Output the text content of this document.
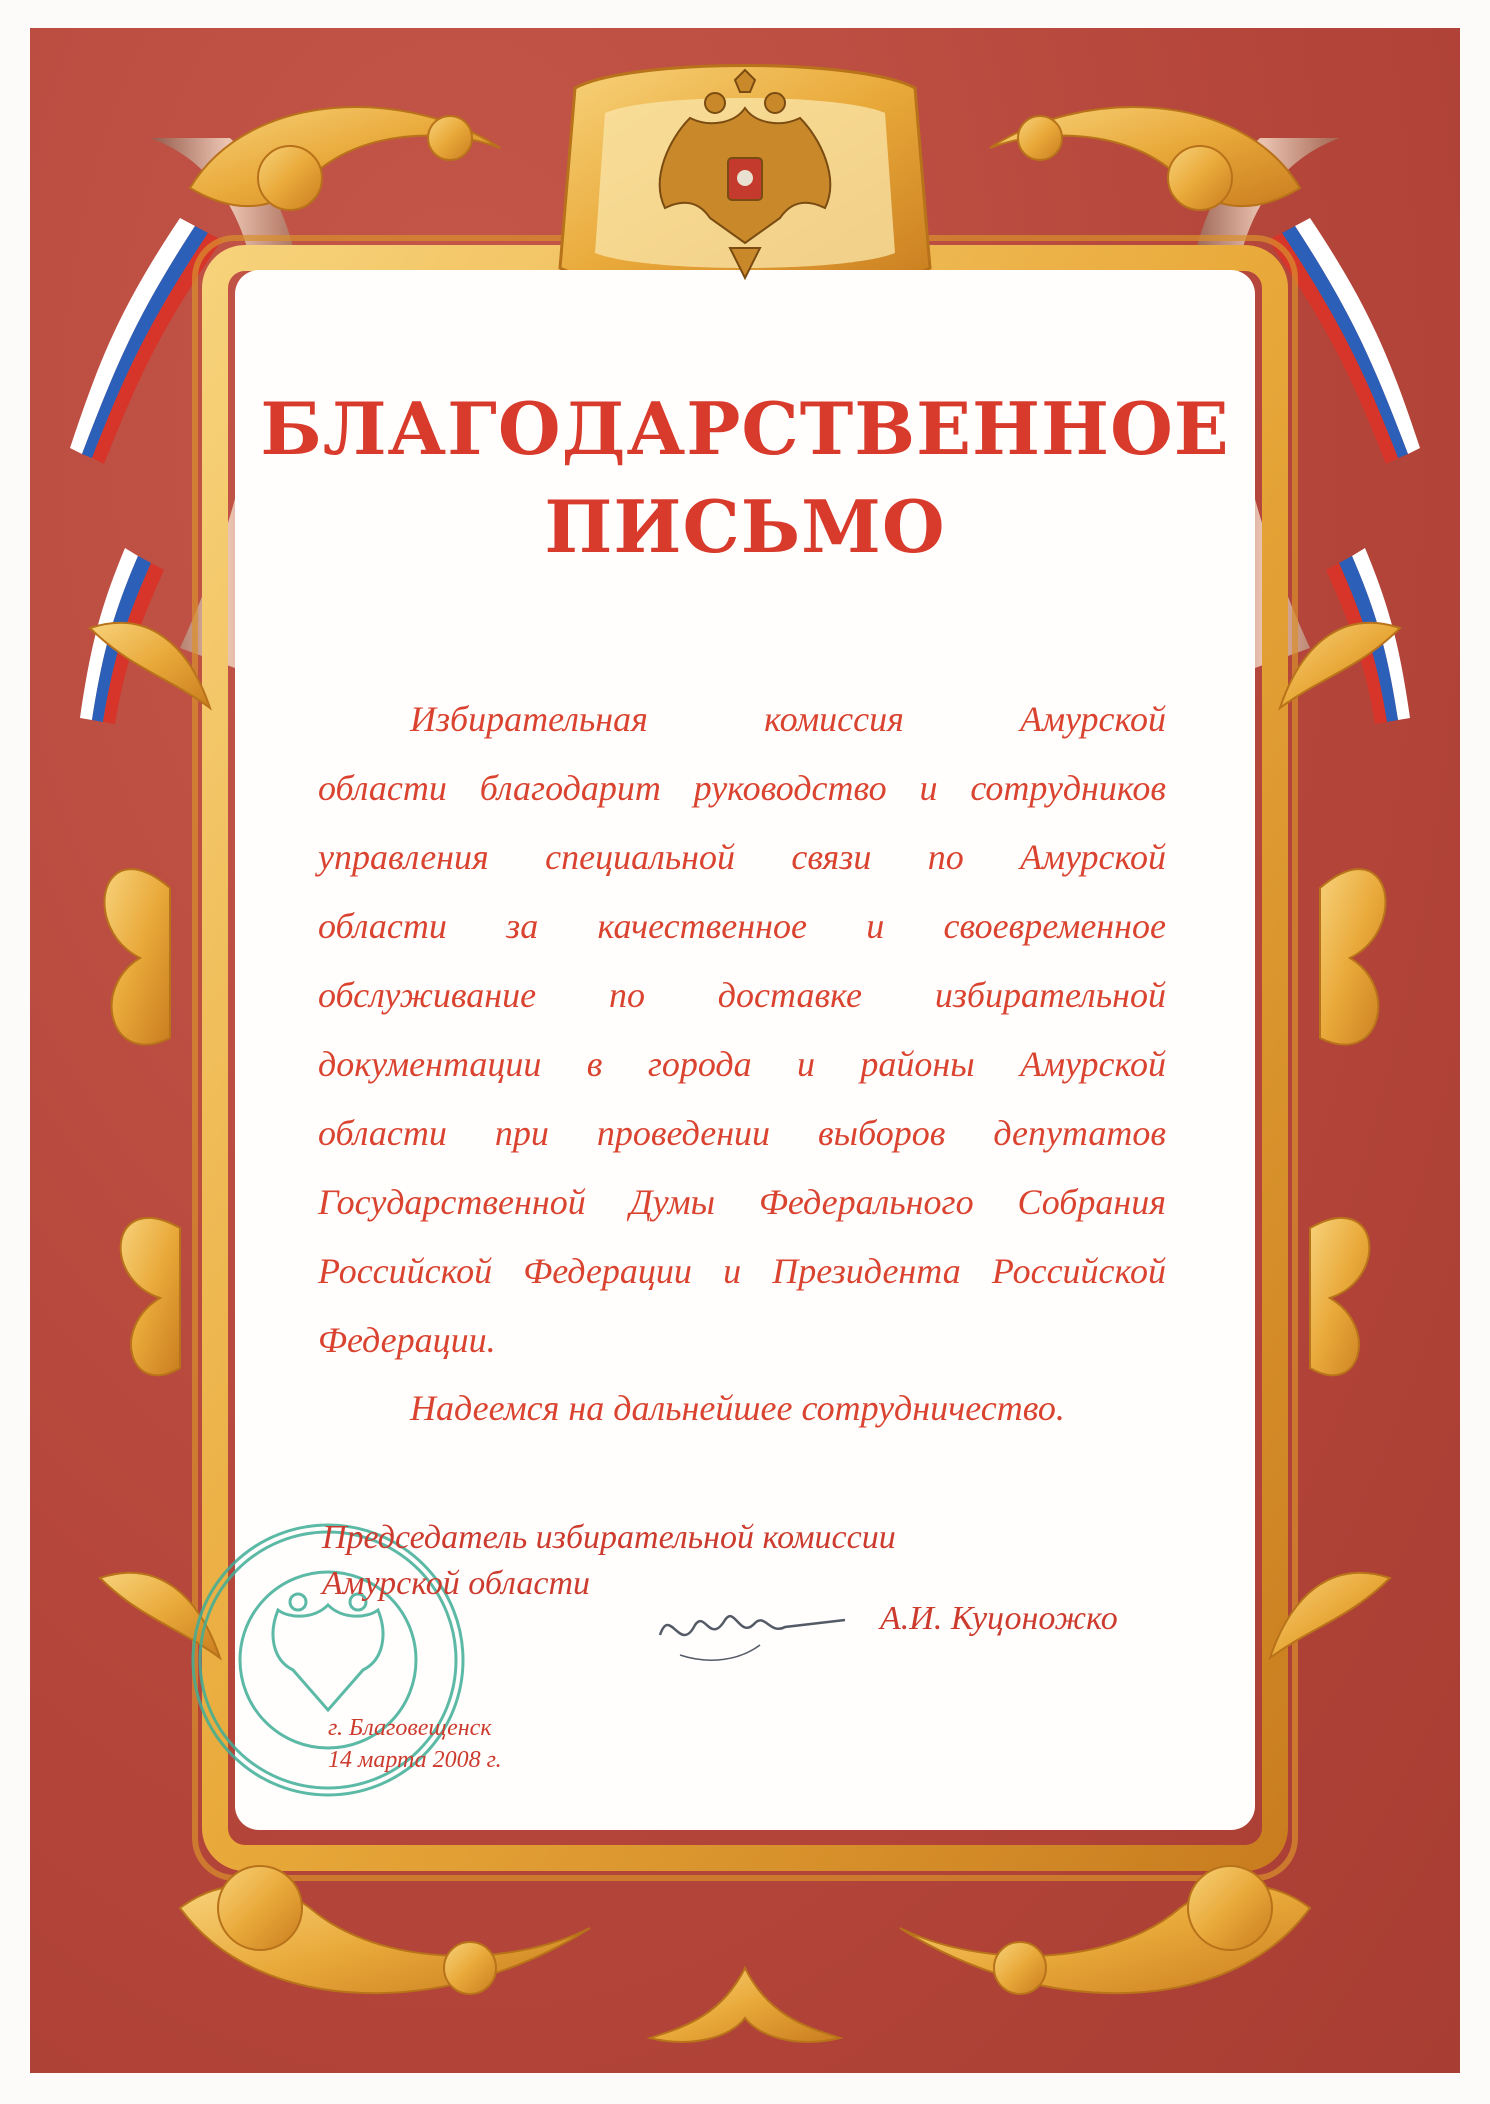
БЛАГОДАРСТВЕННОЕ
ПИСЬМО
Избирательная комиссия Амурской
области благодарит руководство и сотрудников
управления специальной связи по Амурской
области за качественное и своевременное
обслуживание по доставке избирательной
документации в города и районы Амурской
области при проведении выборов депутатов
Государственной Думы Федерального Собрания
Российской Федерации и Президента Российской
Федерации.
Надеемся на дальнейшее сотрудничество.
Председатель избирательной комиссии
Амурской области
А.И. Куцоножко
г. Благовещенск
14 марта 2008 г.
